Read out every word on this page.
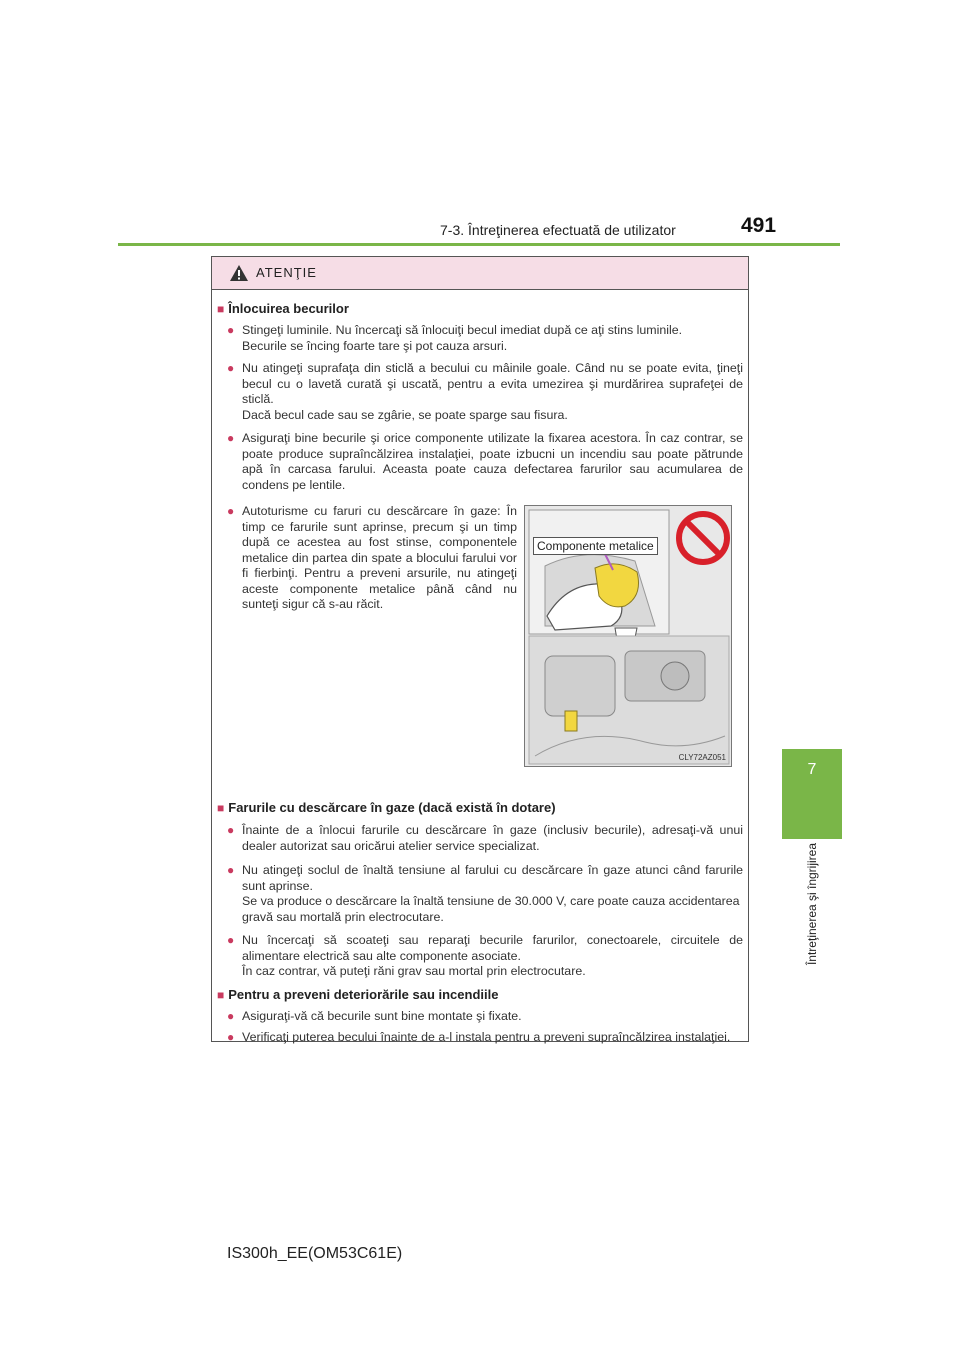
7-3. Întreţinerea efectuată de utilizator	491
7
Întreţinerea şi îngrijirea
ATENŢIE
■ Înlocuirea becurilor
● Stingeţi luminile. Nu încercaţi să înlocuiţi becul imediat după ce aţi stins luminile.
Becurile se încing foarte tare şi pot cauza arsuri.
● Nu atingeţi suprafaţa din sticlă a becului cu mâinile goale. Când nu se poate evita, ţineţi becul cu o lavetă curată şi uscată, pentru a evita umezirea şi murdărirea suprafeţei de sticlă.
Dacă becul cade sau se zgârie, se poate sparge sau fisura.
● Asiguraţi bine becurile şi orice componente utilizate la fixarea acestora. În caz contrar, se poate produce supraîncălzirea instalaţiei, poate izbucni un incendiu sau poate pătrunde apă în carcasa farului. Aceasta poate cauza defectarea farurilor sau acumularea de condens pe lentile.
● Autoturisme cu faruri cu descărcare în gaze: În timp ce farurile sunt aprinse, precum şi un timp după ce acestea au fost stinse, componentele metalice din partea din spate a blocului farului vor fi fierbinţi. Pentru a preveni arsurile, nu atingeţi aceste componente metalice până când nu sunteţi sigur că s-au răcit.
■ Farurile cu descărcare în gaze (dacă există în dotare)
● Înainte de a înlocui farurile cu descărcare în gaze (inclusiv becurile), adresaţi-vă unui dealer autorizat sau oricărui atelier service specializat.
● Nu atingeţi soclul de înaltă tensiune al farului cu descărcare în gaze atunci când farurile sunt aprinse.
Se va produce o descărcare la înaltă tensiune de 30.000 V, care poate cauza accidentarea gravă sau mortală prin electrocutare.
● Nu încercaţi să scoateţi sau reparaţi becurile farurilor, conectoarele, circuitele de alimentare electrică sau alte componente asociate.
În caz contrar, vă puteţi răni grav sau mortal prin electrocutare.
■ Pentru a preveni deteriorările sau incendiile
● Asiguraţi-vă că becurile sunt bine montate şi fixate.
● Verificaţi puterea becului înainte de a-l instala pentru a preveni supraîncălzirea instalaţiei.
Componente metalice
CLY72AZ051
IS300h_EE(OM53C61E)
